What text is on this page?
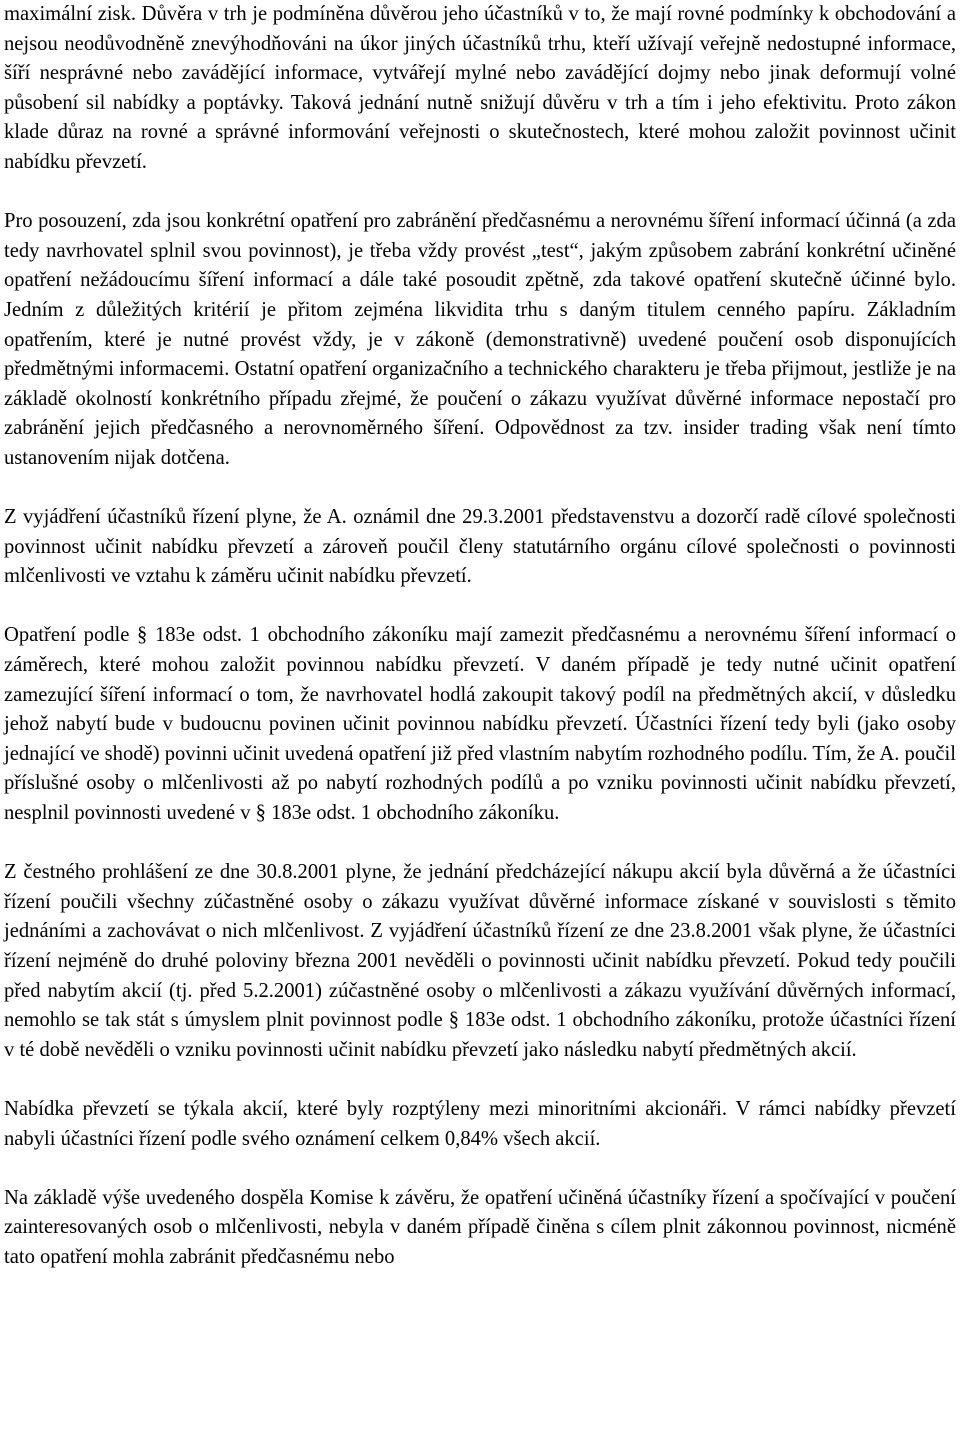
maximální zisk. Důvěra v trh je podmíněna důvěrou jeho účastníků v to, že mají rovné podmínky k obchodování a nejsou neodůvodněně znevýhodňováni na úkor jiných účastníků trhu, kteří užívají veřejně nedostupné informace, šíří nesprávné nebo zavádějící informace, vytvářejí mylné nebo zavádějící dojmy nebo jinak deformují volné působení sil nabídky a poptávky. Taková jednání nutně snižují důvěru v trh a tím i jeho efektivitu. Proto zákon klade důraz na rovné a správné informování veřejnosti o skutečnostech, které mohou založit povinnost učinit nabídku převzetí.

Pro posouzení, zda jsou konkrétní opatření pro zabránění předčasnému a nerovnému šíření informací účinná (a zda tedy navrhovatel splnil svou povinnost), je třeba vždy provést „test“, jakým způsobem zabrání konkrétní učiněné opatření nežádoucímu šíření informací a dále také posoudit zpětně, zda takové opatření skutečně účinné bylo. Jedním z důležitých kritérií je přitom zejména likvidita trhu s daným titulem cenného papíru. Základním opatřením, které je nutné provést vždy, je v zákoně (demonstrativně) uvedené poučení osob disponujících předmětnými informacemi. Ostatní opatření organizačního a technického charakteru je třeba přijmout, jestliže je na základě okolností konkrétního případu zřejmé, že poučení o zákazu využívat důvěrné informace nepostačí pro zabránění jejich předčasného a nerovnoměrného šíření. Odpovědnost za tzv. insider trading však není tímto ustanovením nijak dotčena.

Z vyjádření účastníků řízení plyne, že A. oznámil dne 29.3.2001 představenstvu a dozorčí radě cílové společnosti povinnost učinit nabídku převzetí a zároveň poučil členy statutárního orgánu cílové společnosti o povinnosti mlčenlivosti ve vztahu k záměru učinit nabídku převzetí.

Opatření podle § 183e odst. 1 obchodního zákoníku mají zamezit předčasnému a nerovnému šíření informací o záměrech, které mohou založit povinnou nabídku převzetí. V daném případě je tedy nutné učinit opatření zamezující šíření informací o tom, že navrhovatel hodlá zakoupit takový podíl na předmětných akcií, v důsledku jehož nabytí bude v budoucnu povinen učinit povinnou nabídku převzetí. Účastníci řízení tedy byli (jako osoby jednající ve shodě) povinni učinit uvedená opatření již před vlastním nabytím rozhodného podílu. Tím, že A. poučil příslušné osoby o mlčenlivosti až po nabytí rozhodných podílů a po vzniku povinnosti učinit nabídku převzetí, nesplnil povinnosti uvedené v § 183e odst. 1 obchodního zákoníku.

Z čestného prohlášení ze dne 30.8.2001 plyne, že jednání předcházející nákupu akcií byla důvěrná a že účastníci řízení poučili všechny zúčastněné osoby o zákazu využívat důvěrné informace získané v souvislosti s těmito jednáními a zachovávat o nich mlčenlivost. Z vyjádření účastníků řízení ze dne 23.8.2001 však plyne, že účastníci řízení nejméně do druhé poloviny března 2001 nevěděli o povinnosti učinit nabídku převzetí. Pokud tedy poučili před nabytím akcií (tj. před 5.2.2001) zúčastněné osoby o mlčenlivosti a zákazu využívání důvěrných informací, nemohlo se tak stát s úmyslem plnit povinnost podle § 183e odst. 1 obchodního zákoníku, protože účastníci řízení v té době nevěděli o vzniku povinnosti učinit nabídku převzetí jako následku nabytí předmětných akcií.

Nabídka převzetí se týkala akcií, které byly rozptýleny mezi minoritními akcionáři. V rámci nabídky převzetí nabyli účastníci řízení podle svého oznámení celkem 0,84% všech akcií.

Na základě výše uvedeného dospěla Komise k závěru, že opatření učiněná účastníky řízení a spočívající v poučení zainteresovaných osob o mlčenlivosti, nebyla v daném případě činěna s cílem plnit zákonnou povinnost, nicméně tato opatření mohla zabránit předčasnému nebo
